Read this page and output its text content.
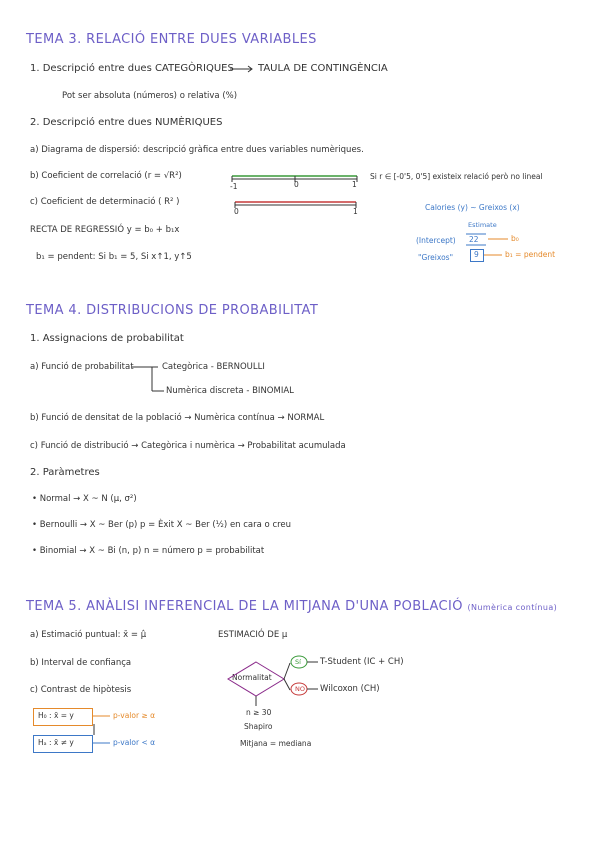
TEMA 3. RELACIÓ ENTRE DUES VARIABLES
1. Descripció entre dues CATEGÒRIQUES TAULA DE CONTINGÈNCIA
Pot ser absoluta (números) o relativa (%)
2. Descripció entre dues NUMÈRIQUES
a) Diagrama de dispersió: descripció gràfica entre dues variables numèriques.
b) Coeficient de correlació (r = √R²)
-1	0	1
Si r ∈ [-0'5, 0'5] existeix relació però no lineal
c) Coeficient de determinació ( R² )
0	1
RECTA DE REGRESSIÓ y = b₀ + b₁x
b₁ = pendent: Si b₁ = 5, Si x↑1, y↑5
Calories (y) ~ Greixos (x)
Estimate
(Intercept) 22
"Greixos"	9
b₀
b₁ = pendent
TEMA 4. DISTRIBUCIONS DE PROBABILITAT
1. Assignacions de probabilitat
a) Funció de probabilitat	Categòrica - BERNOULLI
Numèrica discreta - BINOMIAL
b) Funció de densitat de la població → Numèrica contínua → NORMAL
c) Funció de distribució → Categòrica i numèrica → Probabilitat acumulada
2. Paràmetres
• Normal → X ~ N (μ, σ²)
• Bernoulli → X ~ Ber (p) p = Èxit X ~ Ber (½) en cara o creu
• Binomial → X ~ Bi (n, p) n = número p = probabilitat
TEMA 5. ANÀLISI INFERENCIAL DE LA MITJANA D'UNA POBLACIÓ (Numèrica contínua)
a) Estimació puntual: x̄ = μ̂
b) Interval de confiança
c) Contrast de hipòtesis
ESTIMACIÓ DE μ
Normalitat
Sí
NO
T-Student (IC + CH)
Wilcoxon (CH)
n ≥ 30
Shapiro
Mitjana = mediana
H₀ : x̄ = y	p-valor ≥ α
Hₐ : x̄ ≠ y	p-valor < α
